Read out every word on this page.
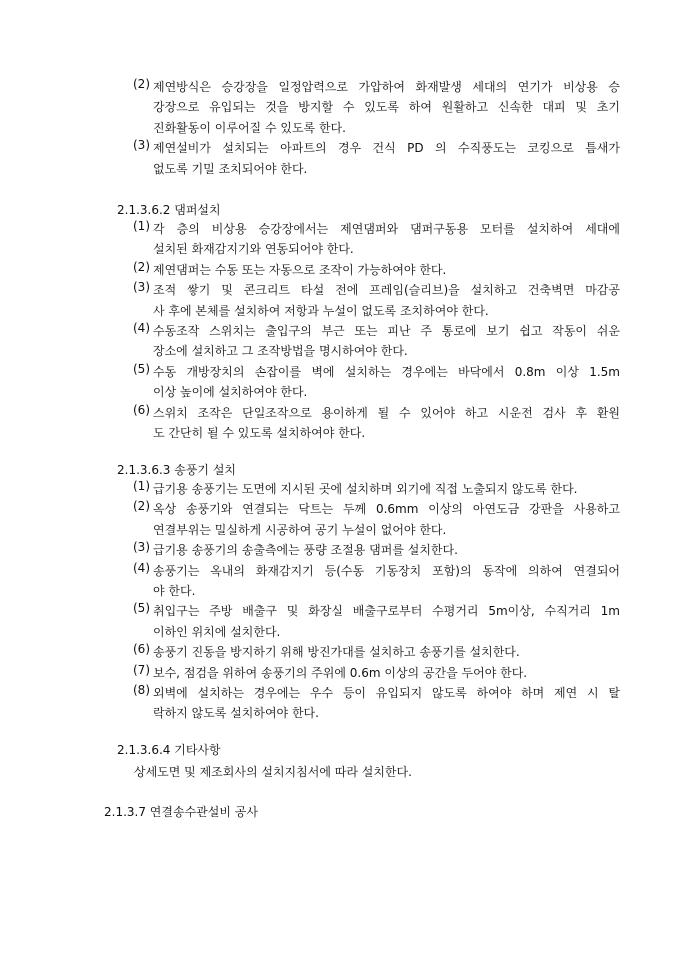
(2) 제연방식은 승강장을 일정압력으로 가압하여 화재발생 세대의 연기가 비상용 승
강장으로 유입되는 것을 방지할 수 있도록 하여 원활하고 신속한 대피 및 초기
진화활동이 이루어질 수 있도록 한다.
(3) 제연설비가 설치되는 아파트의 경우 건식 PD 의 수직풍도는 코킹으로 틈새가
없도록 기밀 조치되어야 한다.
2.1.3.6.2 댐퍼설치
(1) 각 층의 비상용 승강장에서는 제연댐퍼와 댐퍼구동용 모터를 설치하여 세대에
설치된 화재감지기와 연동되어야 한다.
(2) 제연댐퍼는 수동 또는 자동으로 조작이 가능하여야 한다.
(3) 조적 쌓기 및 콘크리트 타설 전에 프레임(슬리브)을 설치하고 건축벽면 마감공
사 후에 본체를 설치하여 저항과 누설이 없도록 조치하여야 한다.
(4) 수동조작 스위치는 출입구의 부근 또는 피난 주 통로에 보기 쉽고 작동이 쉬운
장소에 설치하고 그 조작방법을 명시하여야 한다.
(5) 수동 개방장치의 손잡이를 벽에 설치하는 경우에는 바닥에서 0.8m 이상 1.5m
이상 높이에 설치하여야 한다.
(6) 스위치 조작은 단일조작으로 용이하게 될 수 있어야 하고 시운전 검사 후 환원
도 간단히 될 수 있도록 설치하여야 한다.
2.1.3.6.3 송풍기 설치
(1) 급기용 송풍기는 도면에 지시된 곳에 설치하며 외기에 직접 노출되지 않도록 한다.
(2) 옥상 송풍기와 연결되는 닥트는 두께 0.6mm 이상의 아연도금 강판을 사용하고
연결부위는 밀실하게 시공하여 공기 누설이 없어야 한다.
(3) 급기용 송풍기의 송출측에는 풍량 조절용 댐퍼를 설치한다.
(4) 송풍기는 옥내의 화재감지기 등(수동 기동장치 포함)의 동작에 의하여 연결되어
야 한다.
(5) 취입구는 주방 배출구 및 화장실 배출구로부터 수평거리 5m이상, 수직거리 1m
이하인 위치에 설치한다.
(6) 송풍기 진동을 방지하기 위해 방진가대를 설치하고 송풍기를 설치한다.
(7) 보수, 점검을 위하여 송풍기의 주위에 0.6m 이상의 공간을 두어야 한다.
(8) 외벽에 설치하는 경우에는 우수 등이 유입되지 않도록 하여야 하며 제연 시 탈
락하지 않도록 설치하여야 한다.
2.1.3.6.4 기타사항
상세도면 및 제조회사의 설치지침서에 따라 설치한다.
2.1.3.7 연결송수관설비 공사
